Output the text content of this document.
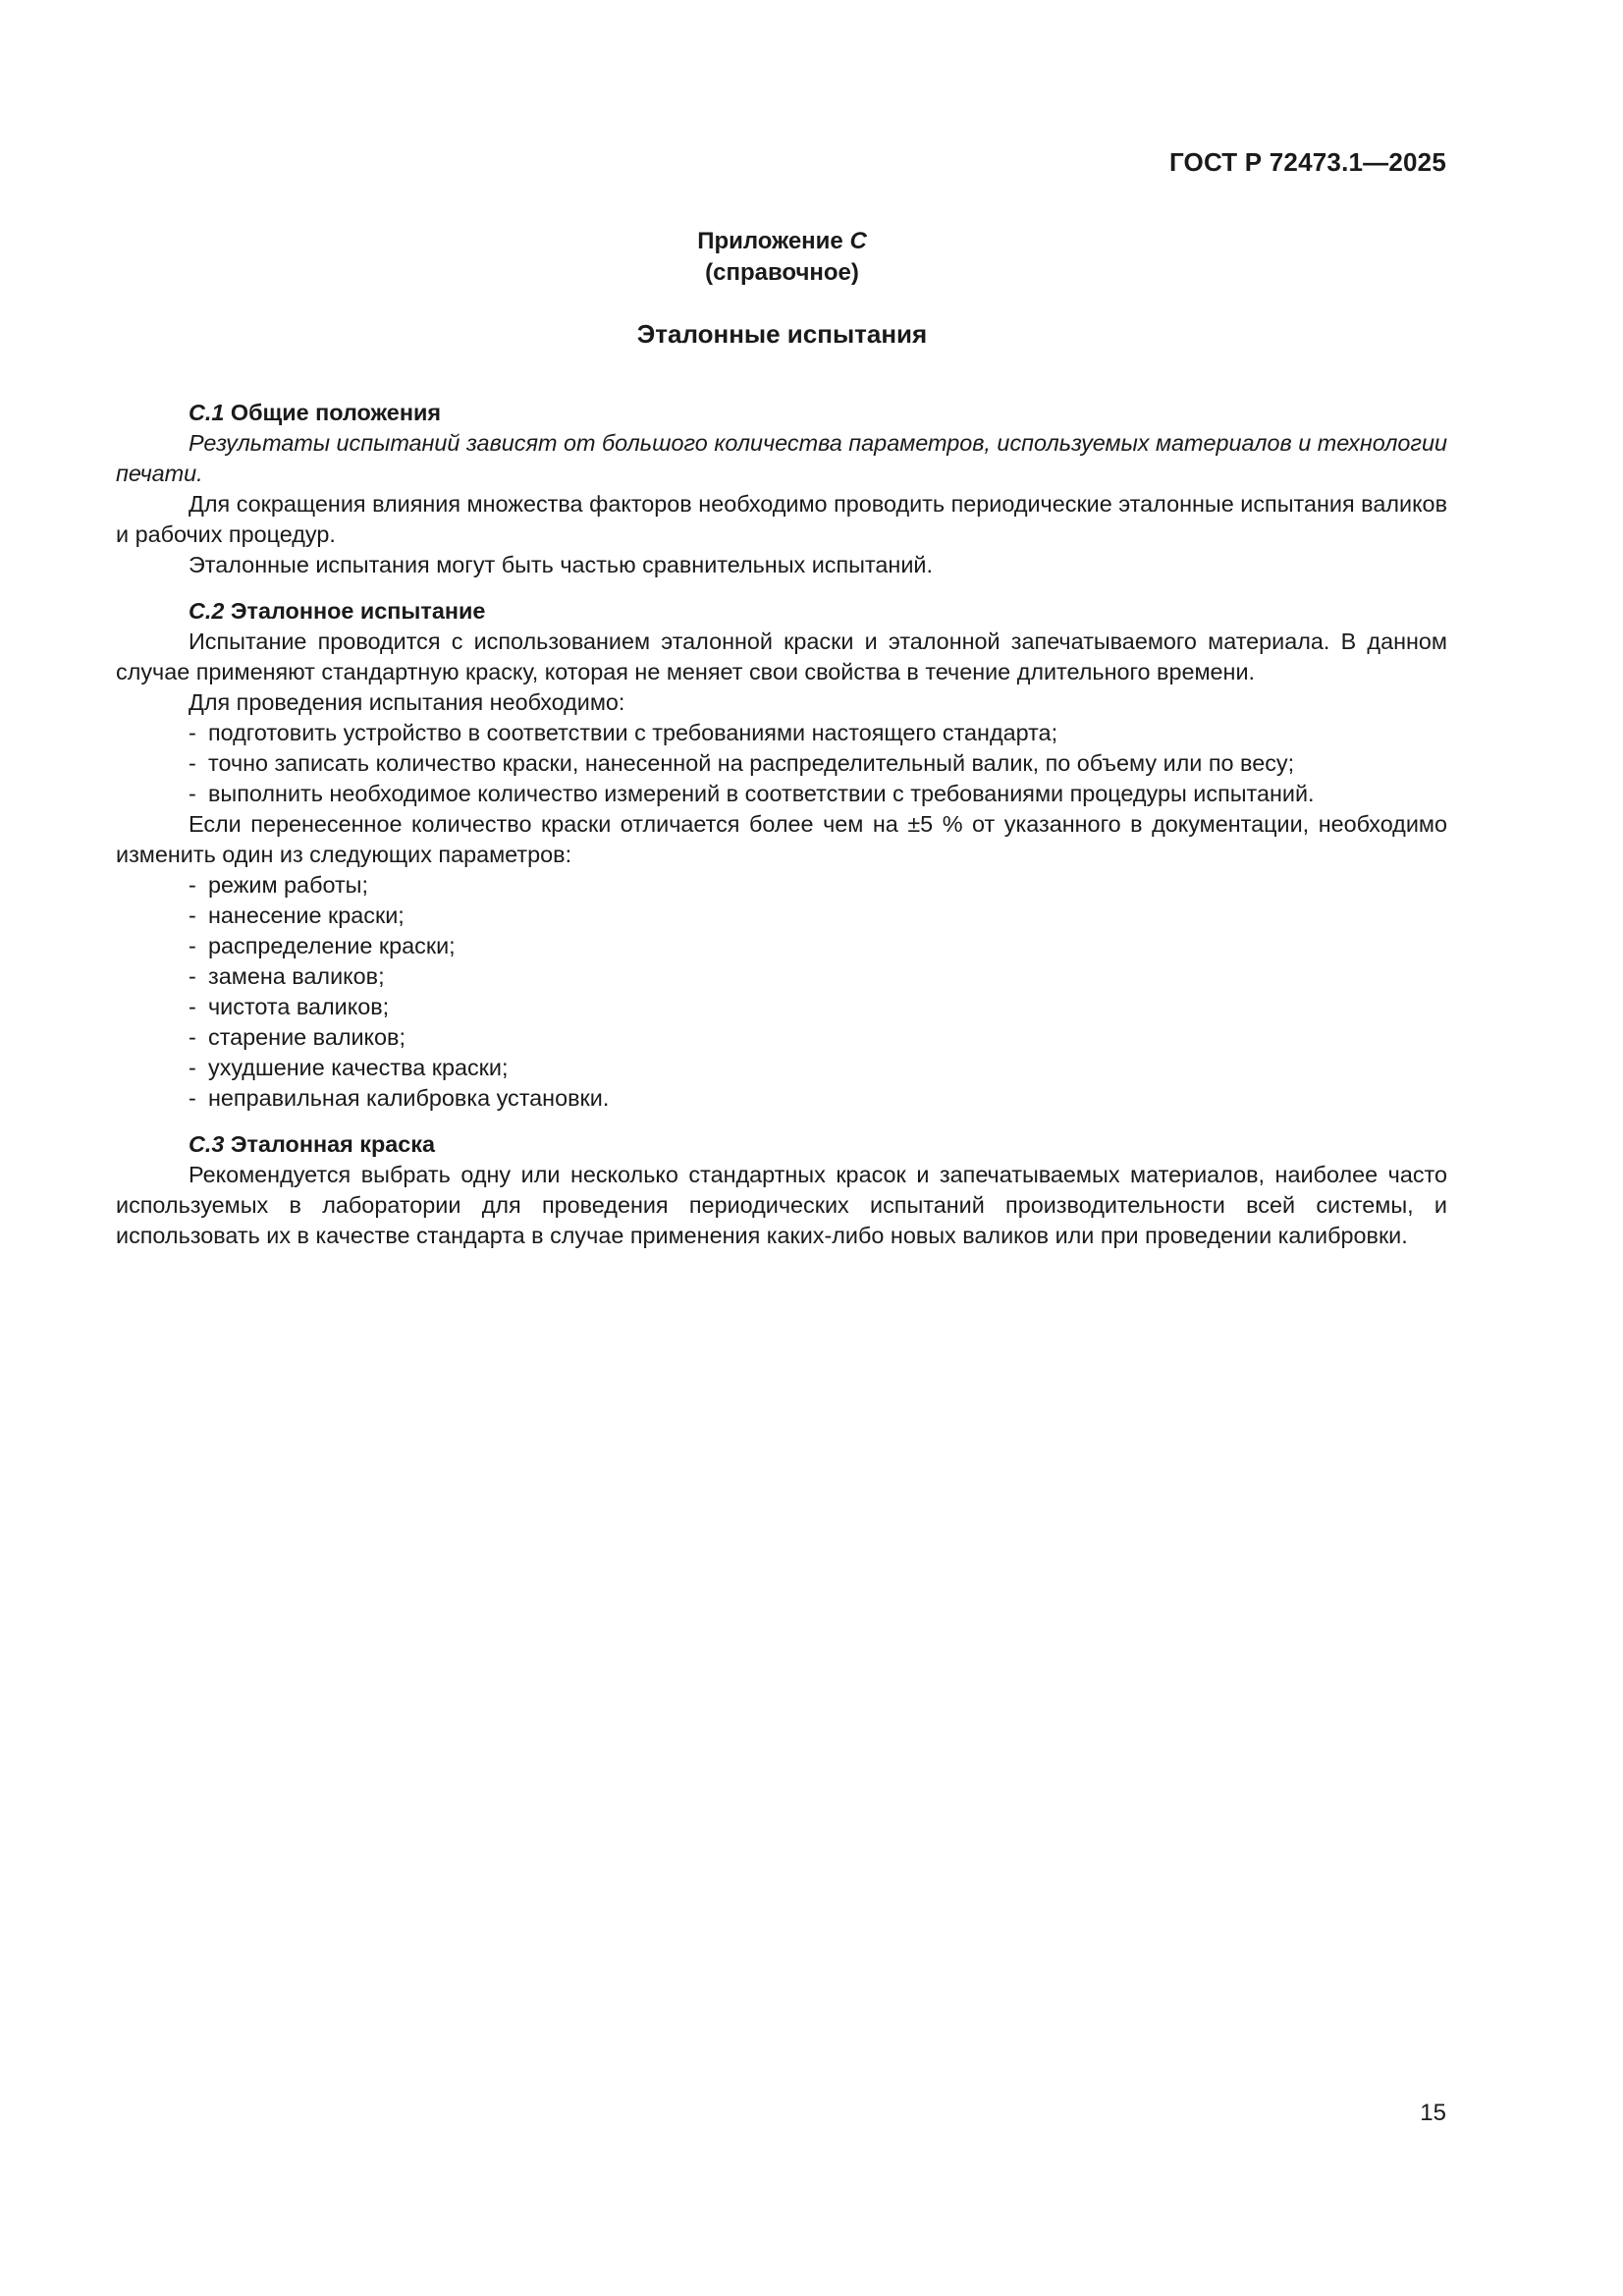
ГОСТ Р 72473.1—2025
Приложение C
(справочное)
Эталонные испытания
C.1 Общие положения

Результаты испытаний зависят от большого количества параметров, используемых материалов и технологии печати.

Для сокращения влияния множества факторов необходимо проводить периодические эталонные испытания валиков и рабочих процедур.

Эталонные испытания могут быть частью сравнительных испытаний.

C.2 Эталонное испытание

Испытание проводится с использованием эталонной краски и эталонной запечатываемого материала. В данном случае применяют стандартную краску, которая не меняет свои свойства в течение длительного времени.

Для проведения испытания необходимо:

- подготовить устройство в соответствии с требованиями настоящего стандарта;
- точно записать количество краски, нанесенной на распределительный валик, по объему или по весу;
- выполнить необходимое количество измерений в соответствии с требованиями процедуры испытаний.

Если перенесенное количество краски отличается более чем на ±5 % от указанного в документации, необходимо изменить один из следующих параметров:

- режим работы;
- нанесение краски;
- распределение краски;
- замена валиков;
- чистота валиков;
- старение валиков;
- ухудшение качества краски;
- неправильная калибровка установки.
C.3 Эталонная краска

Рекомендуется выбрать одну или несколько стандартных красок и запечатываемых материалов, наиболее часто используемых в лаборатории для проведения периодических испытаний производительности всей системы, и использовать их в качестве стандарта в случае применения каких-либо новых валиков или при проведении калибровки.

15
